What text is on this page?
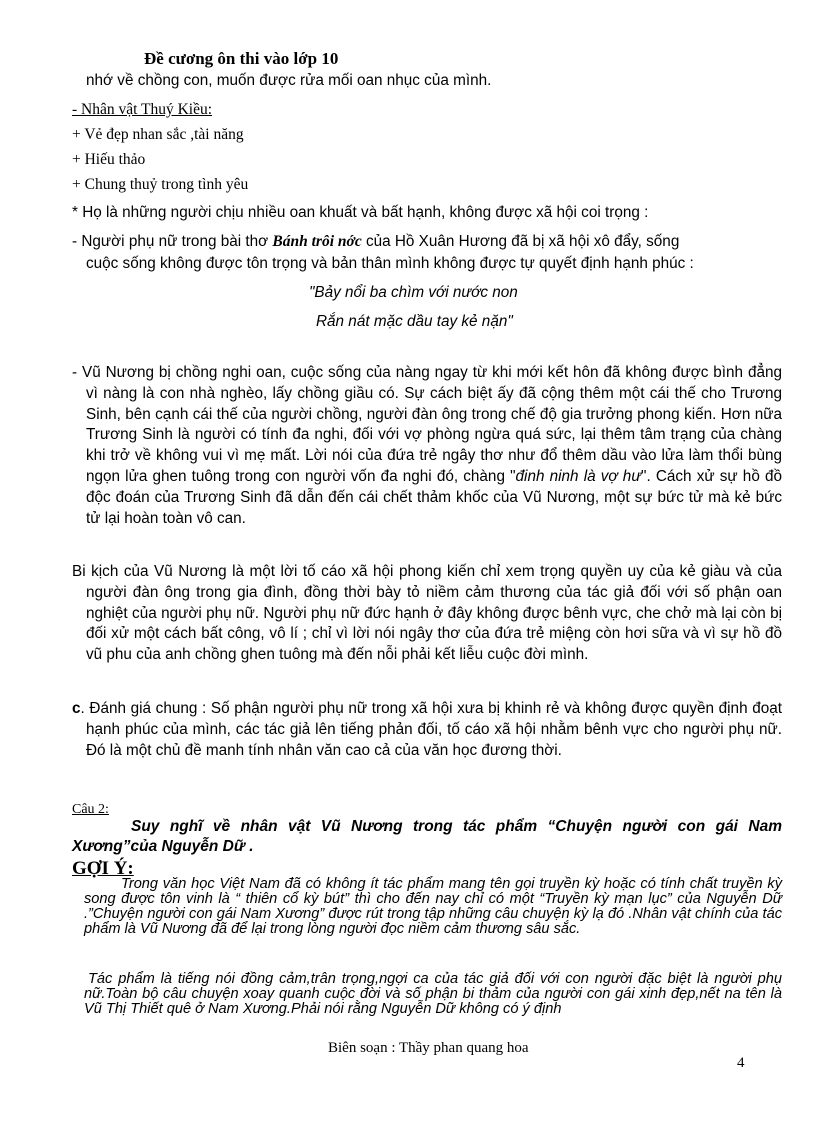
Đề cương ôn thi vào lớp 10
nhớ về chồng con, muốn được rửa mối oan nhục của mình.
- Nhân vật Thuý Kiều:
+ Vẻ đẹp nhan sắc ,tài năng
+ Hiếu thảo
+ Chung thuỷ trong tình yêu
* Họ là những người chịu nhiều oan khuất và bất hạnh, không được xã hội coi trọng :
- Người phụ nữ trong bài thơ Bánh trôi nớc của Hồ Xuân Hương đã bị xã hội xô đẩy, sống
cuộc sống không được tôn trọng và bản thân mình không được tự quyết định hạnh phúc :
"Bảy nổi ba chìm với nước non
Rắn nát mặc dầu tay kẻ nặn"
- Vũ Nương bị chồng nghi oan, cuộc sống của nàng ngay từ khi mới kết hôn đã không được bình đẳng vì nàng là con nhà nghèo, lấy chồng giầu có. Sự cách biệt ấy đã cộng thêm một cái thế cho Trương Sinh, bên cạnh cái thế của người chồng, người đàn ông trong chế độ gia trưởng phong kiến. Hơn nữa Trương Sinh là người có tính đa nghi, đối với vợ phòng ngừa quá sức, lại thêm tâm trạng của chàng khi trở về không vui vì mẹ mất. Lời nói của đứa trẻ ngây thơ như đổ thêm dầu vào lửa làm thổi bùng ngọn lửa ghen tuông trong con người vốn đa nghi đó, chàng "đinh ninh là vợ hư". Cách xử sự hồ đồ độc đoán của Trương Sinh đã dẫn đến cái chết thảm khốc của Vũ Nương, một sự bức tử mà kẻ bức tử lại hoàn toàn vô can.
Bi kịch của Vũ Nương là một lời tố cáo xã hội phong kiến chỉ xem trọng quyền uy của kẻ giàu và của người đàn ông trong gia đình, đồng thời bày tỏ niềm cảm thương của tác giả đối với số phận oan nghiệt của người phụ nữ. Người phụ nữ đức hạnh ở đây không được bênh vực, che chở mà lại còn bị đối xử một cách bất công, vô lí ; chỉ vì lời nói ngây thơ của đứa trẻ miệng còn hơi sữa và vì sự hồ đồ vũ phu của anh chồng ghen tuông mà đến nỗi phải kết liễu cuộc đời mình.
c. Đánh giá chung : Số phận người phụ nữ trong xã hội xưa bị khinh rẻ và không được quyền định đoạt hạnh phúc của mình, các tác giả lên tiếng phản đối, tố cáo xã hội nhằm bênh vực cho người phụ nữ. Đó là một chủ đề manh tính nhân văn cao cả của văn học đương thời.
Câu 2:
Suy nghĩ về nhân vật Vũ Nương trong tác phẩm “Chuyện người con gái Nam Xương”của Nguyễn Dữ .
GỢI Ý:
Trong văn học Việt Nam đã có không ít tác phẩm mang tên gọi truyền kỳ hoặc có tính chất truyền kỳ song được tôn vinh là “ thiên cổ kỳ bút” thì cho đến nay chỉ có một “Truyền kỳ mạn lục” của Nguyễn Dữ .”Chuyện người con gái Nam Xương” được rút trong tập những câu chuyện kỳ lạ đó .Nhân vật chính của tác phẩm là Vũ Nương đã để lại trong lòng người đọc niềm cảm thương sâu sắc.
Tác phẩm là tiếng nói đồng cảm,trân trọng,ngợi ca của tác giả đối với con người đặc biệt là người phụ nữ.Toàn bộ câu chuyện xoay quanh cuộc đời và số phận bi thảm của người con gái xinh đẹp,nết na tên là Vũ Thị Thiết quê ở Nam Xương.Phải nói rằng Nguyễn Dữ không có ý định
Biên soạn : Thầy phan quang hoa
4
